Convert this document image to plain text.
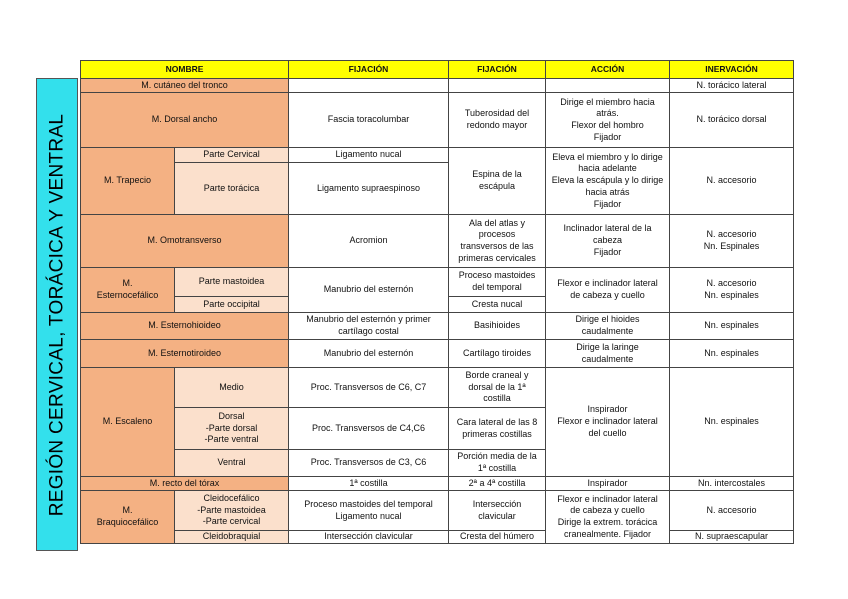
REGIÓN CERVICAL, TORÁCICA Y VENTRAL
NOMBRE		FIJACIÓN	FIJACIÓN	ACCIÓN	INERVACIÓN
M. cutáneo del tronco					N. torácico lateral
M. Dorsal ancho		Fascia toracolumbar	Tuberosidad del
redondo mayor	Dirige el miembro hacia
atrás.
Flexor del hombro
Fijador	N. torácico dorsal
M. Trapecio	Parte Cervical	Ligamento nucal	Espina de la
escápula	Eleva el miembro y lo dirige
hacia adelante
Eleva la escápula y lo dirige
hacia atrás
Fijador	N. accesorio
	Parte torácica	Ligamento supraespinoso			
M. Omotransverso		Acromion	Ala del atlas y
procesos
transversos de las
primeras cervicales	Inclinador lateral de la
cabeza
Fijador	N. accesorio
Nn. Espinales
M.
Esternocefálico	Parte mastoidea	Manubrio del esternón	Proceso mastoides
del temporal	Flexor e inclinador lateral
de cabeza y cuello	N. accesorio
Nn. espinales
	Parte occipital		Cresta nucal		
M. Esternohioideo		Manubrio del esternón y primer
cartílago costal	Basihioides	Dirige el hioides
caudalmente	Nn. espinales
M. Esternotiroideo		Manubrio del esternón	Cartílago tiroides	Dirige la laringe
caudalmente	Nn. espinales
M. Escaleno	Medio	Proc. Transversos de C6, C7	Borde craneal y
dorsal de la 1ª
costilla	Inspirador
Flexor e inclinador lateral
del cuello	Nn. espinales
	Dorsal
-Parte dorsal
-Parte ventral	Proc. Transversos de C4,C6	Cara lateral de las 8
primeras costillas		
	Ventral	Proc. Transversos de C3, C6	Porción media de la
1ª costilla		
M. recto del tórax		1ª costilla	2ª a 4ª costilla	Inspirador	Nn. intercostales
M.
Braquiocefálico	Cleidocefálico
-Parte mastoidea
-Parte cervical	Proceso mastoides del temporal
Ligamento nucal	Intersección
clavicular	Flexor e inclinador lateral
de cabeza y cuello
Dirige la extrem. torácica
cranealmente. Fijador	N. accesorio
	Cleidobraquial	Intersección clavicular	Cresta del húmero		N. supraescapular
